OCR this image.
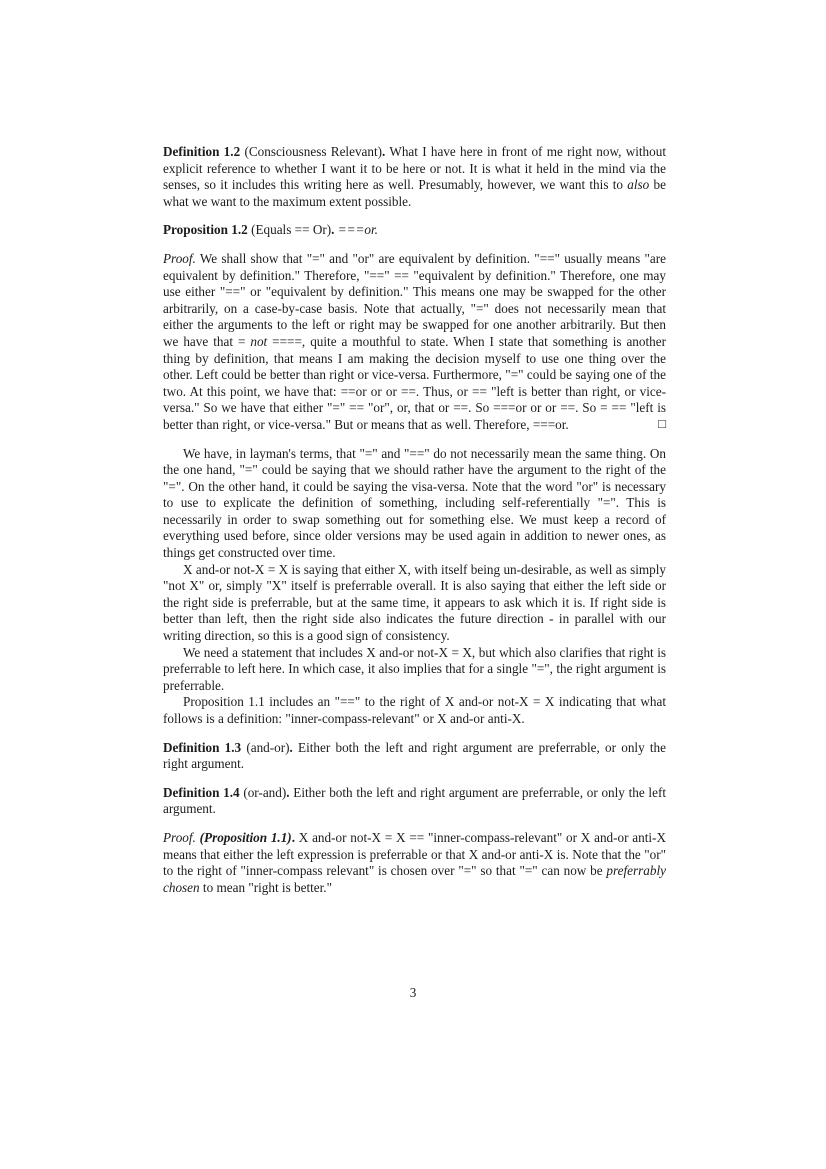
Definition 1.2 (Consciousness Relevant). What I have here in front of me right now, without explicit reference to whether I want it to be here or not. It is what it held in the mind via the senses, so it includes this writing here as well. Presumably, however, we want this to also be what we want to the maximum extent possible.

Proposition 1.2 (Equals == Or). ===or.

Proof. We shall show that "=" and "or" are equivalent by definition. "==" usually means "are equivalent by definition." Therefore, "==" == "equivalent by definition." Therefore, one may use either "==" or "equivalent by definition." This means one may be swapped for the other arbitrarily, on a case-by-case basis. Note that actually, "=" does not necessarily mean that either the arguments to the left or right may be swapped for one another arbitrarily. But then we have that = not ====, quite a mouthful to state. When I state that something is another thing by definition, that means I am making the decision myself to use one thing over the other. Left could be better than right or vice-versa. Furthermore, "=" could be saying one of the two. At this point, we have that: ==or or or ==. Thus, or == "left is better than right, or vice-versa." So we have that either "=" == "or", or, that or ==. So ===or or or ==. So = == "left is better than right, or vice-versa." But or means that as well. Therefore, ===or.	□

We have, in layman's terms, that "=" and "==" do not necessarily mean the same thing. On the one hand, "=" could be saying that we should rather have the argument to the right of the "=". On the other hand, it could be saying the visa-versa. Note that the word "or" is necessary to use to explicate the definition of something, including self-referentially "=". This is necessarily in order to swap something out for something else. We must keep a record of everything used before, since older versions may be used again in addition to newer ones, as things get constructed over time.

X and-or not-X = X is saying that either X, with itself being un-desirable, as well as simply "not X" or, simply "X" itself is preferrable overall. It is also saying that either the left side or the right side is preferrable, but at the same time, it appears to ask which it is. If right side is better than left, then the right side also indicates the future direction - in parallel with our writing direction, so this is a good sign of consistency.

We need a statement that includes X and-or not-X = X, but which also clarifies that right is preferrable to left here. In which case, it also implies that for a single "=", the right argument is preferrable.

Proposition 1.1 includes an "==" to the right of X and-or not-X = X indicating that what follows is a definition: "inner-compass-relevant" or X and-or anti-X.

Definition 1.3 (and-or). Either both the left and right argument are preferrable, or only the right argument.

Definition 1.4 (or-and). Either both the left and right argument are preferrable, or only the left argument.

Proof. (Proposition 1.1). X and-or not-X = X == "inner-compass-relevant" or X and-or anti-X means that either the left expression is preferrable or that X and-or anti-X is. Note that the "or" to the right of "inner-compass relevant" is chosen over "=" so that "=" can now be preferrably chosen to mean "right is better."

3
